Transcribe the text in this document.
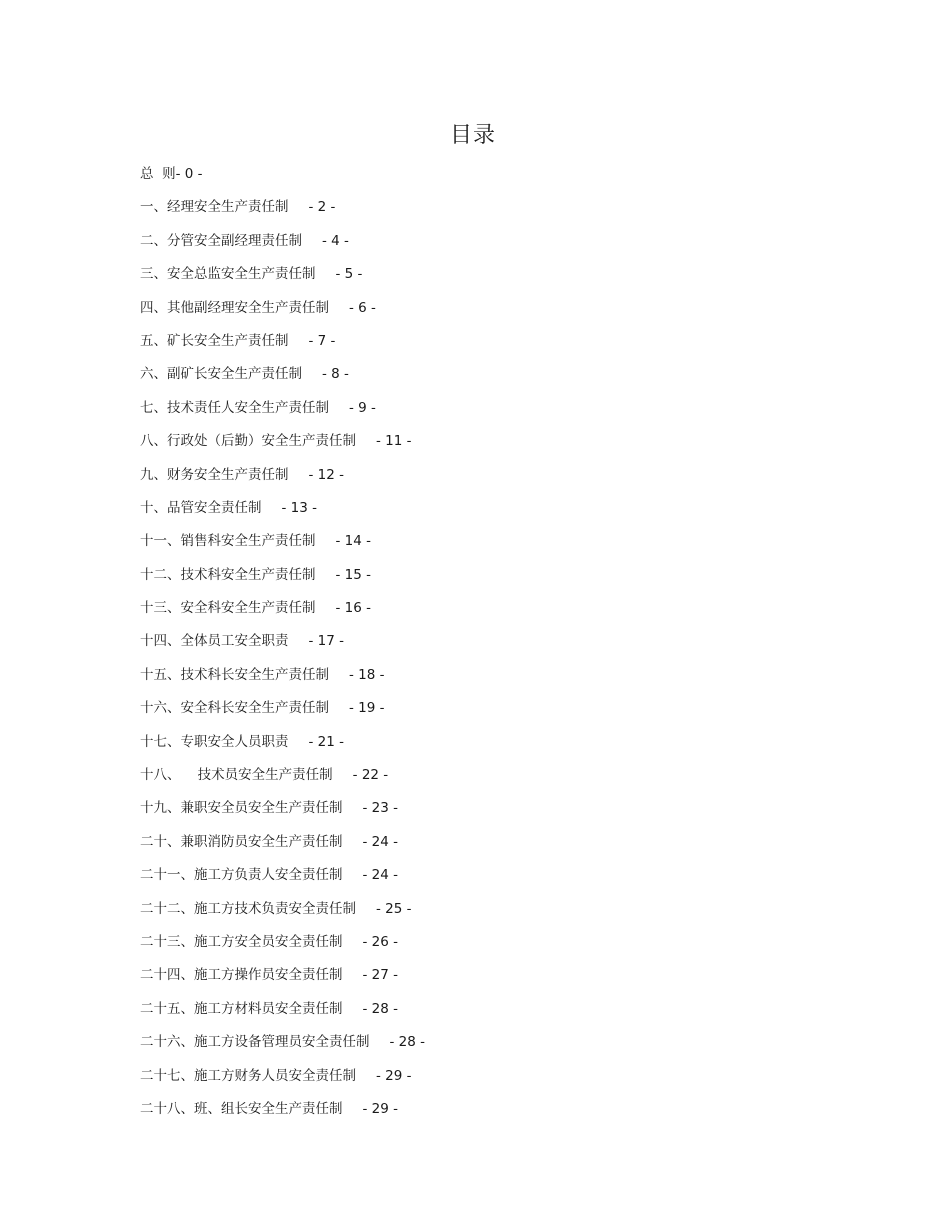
目录
总  则- 0 -
一、经理安全生产责任制 - 2 -
二、分管安全副经理责任制 - 4 -
三、安全总监安全生产责任制 - 5 -
四、其他副经理安全生产责任制 - 6 -
五、矿长安全生产责任制 - 7 -
六、副矿长安全生产责任制 - 8 -
七、技术责任人安全生产责任制 - 9 -
八、行政处（后勤）安全生产责任制 - 11 -
九、财务安全生产责任制 - 12 -
十、品管安全责任制 - 13 -
十一、销售科安全生产责任制 - 14 -
十二、技术科安全生产责任制 - 15 -
十三、安全科安全生产责任制 - 16 -
十四、全体员工安全职责 - 17 -
十五、技术科长安全生产责任制 - 18 -
十六、安全科长安全生产责任制 - 19 -
十七、专职安全人员职责 - 21 -
十八、    技术员安全生产责任制 - 22 -
十九、兼职安全员安全生产责任制 - 23 -
二十、兼职消防员安全生产责任制 - 24 -
二十一、施工方负责人安全责任制 - 24 -
二十二、施工方技术负责安全责任制 - 25 -
二十三、施工方安全员安全责任制 - 26 -
二十四、施工方操作员安全责任制 - 27 -
二十五、施工方材料员安全责任制 - 28 -
二十六、施工方设备管理员安全责任制 - 28 -
二十七、施工方财务人员安全责任制 - 29 -
二十八、班、组长安全生产责任制 - 29 -
